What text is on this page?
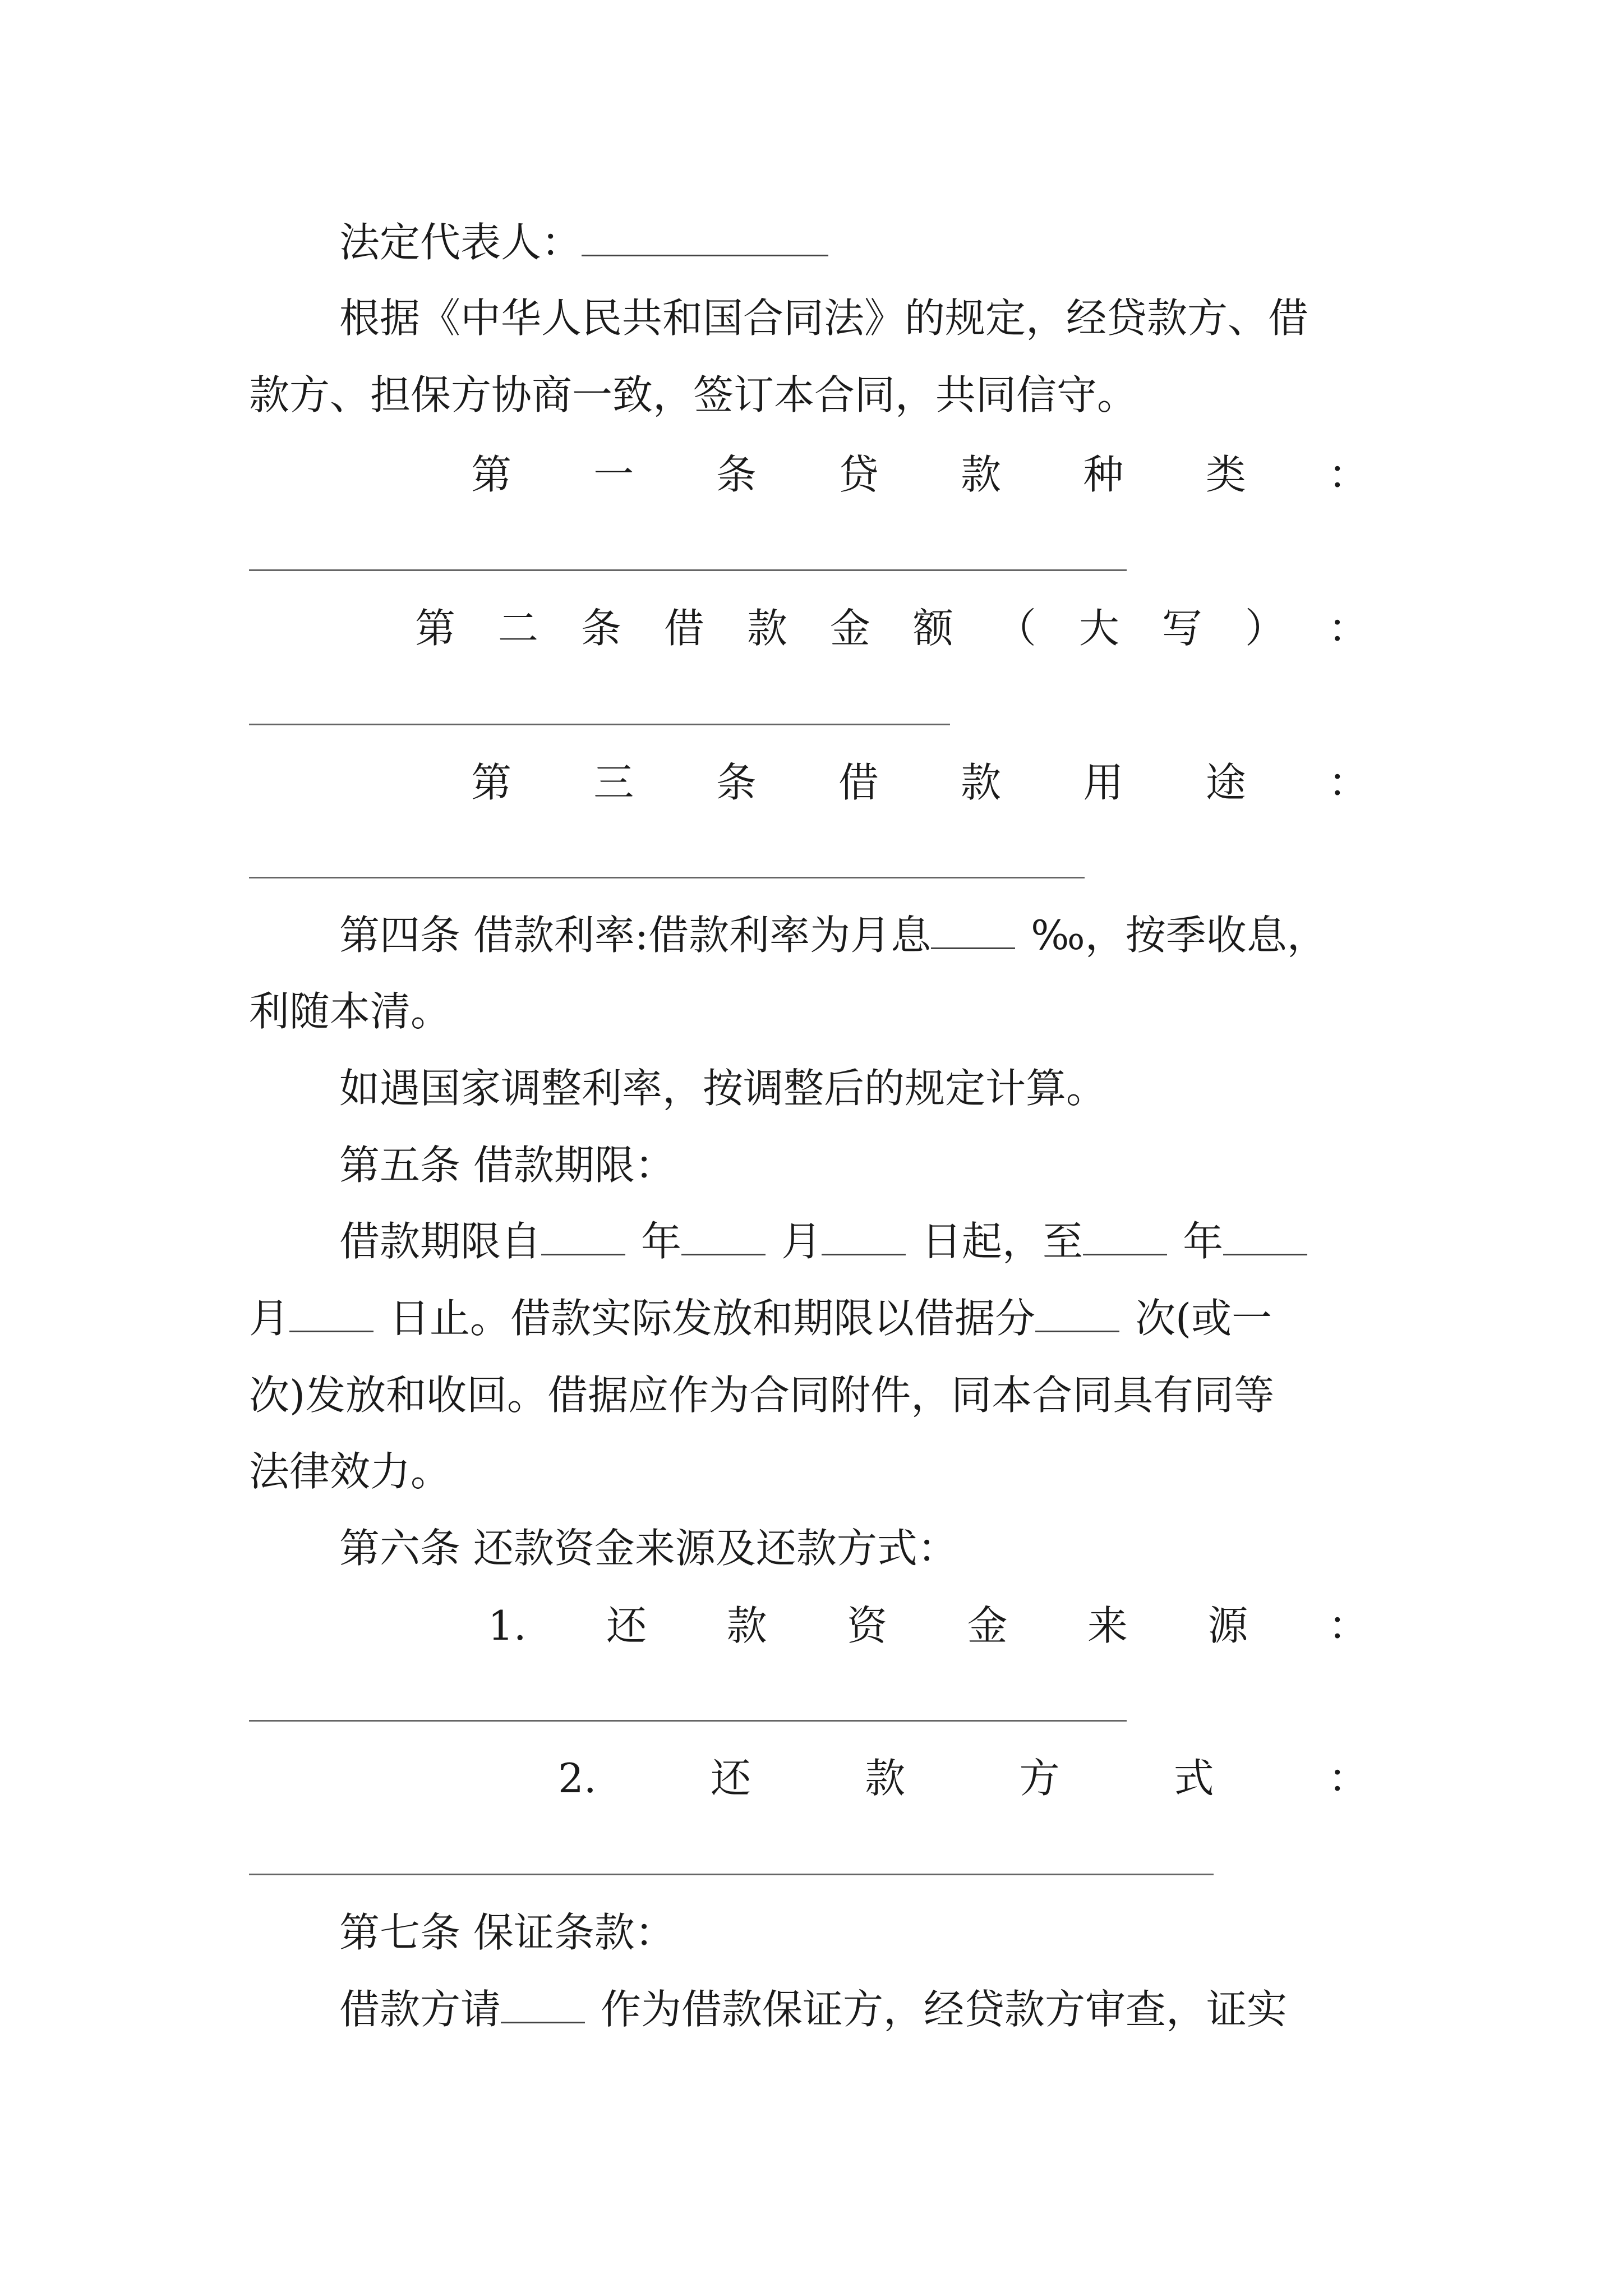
法定代表人：
根据《中华人民共和国合同法》的规定，经贷款方、借
款方、担保方协商一致，签订本合同，共同信守。
第 一 条 贷 款 种 类 ：
第 二 条 借 款 金 额 （ 大 写 ） ：
第 三 条 借 款 用 途 ：
第四条 借款利率:借款利率为月息 ‰，按季收息，
利随本清。
如遇国家调整利率，按调整后的规定计算。
第五条 借款期限：
借款期限自 年 月 日起，至 年
月 日止。借款实际发放和期限以借据分 次(或一
次)发放和收回。借据应作为合同附件，同本合同具有同等
法律效力。
第六条 还款资金来源及还款方式：
1. 还 款 资 金 来 源 ：
2.	还	款	方	式	：
第七条 保证条款：
借款方请 作为借款保证方，经贷款方审查，证实
